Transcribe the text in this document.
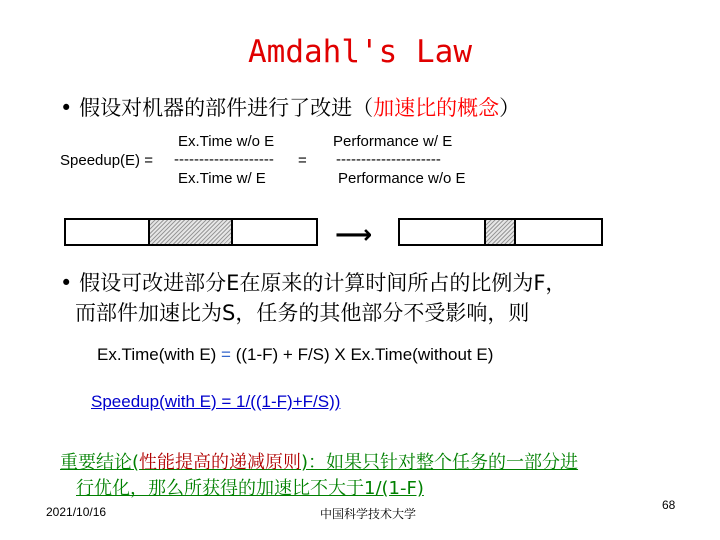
Amdahl's Law
• 假设对机器的部件进行了改进（加速比的概念）
Speedup(E) =
Ex.Time w/o E
--------------------
Ex.Time w/ E
=
Performance w/ E
---------------------
Performance w/o E
⟶
• 假设可改进部分E在原来的计算时间所占的比例为F，
而部件加速比为S，任务的其他部分不受影响，则
Ex.Time(with E) = ((1-F) + F/S) X Ex.Time(without E)
Speedup(with E) = 1/((1-F)+F/S))
重要结论(性能提高的递减原则)：如果只针对整个任务的一部分进
行优化，那么所获得的加速比不大于1/(1-F)
2021/10/16	中国科学技术大学
68
